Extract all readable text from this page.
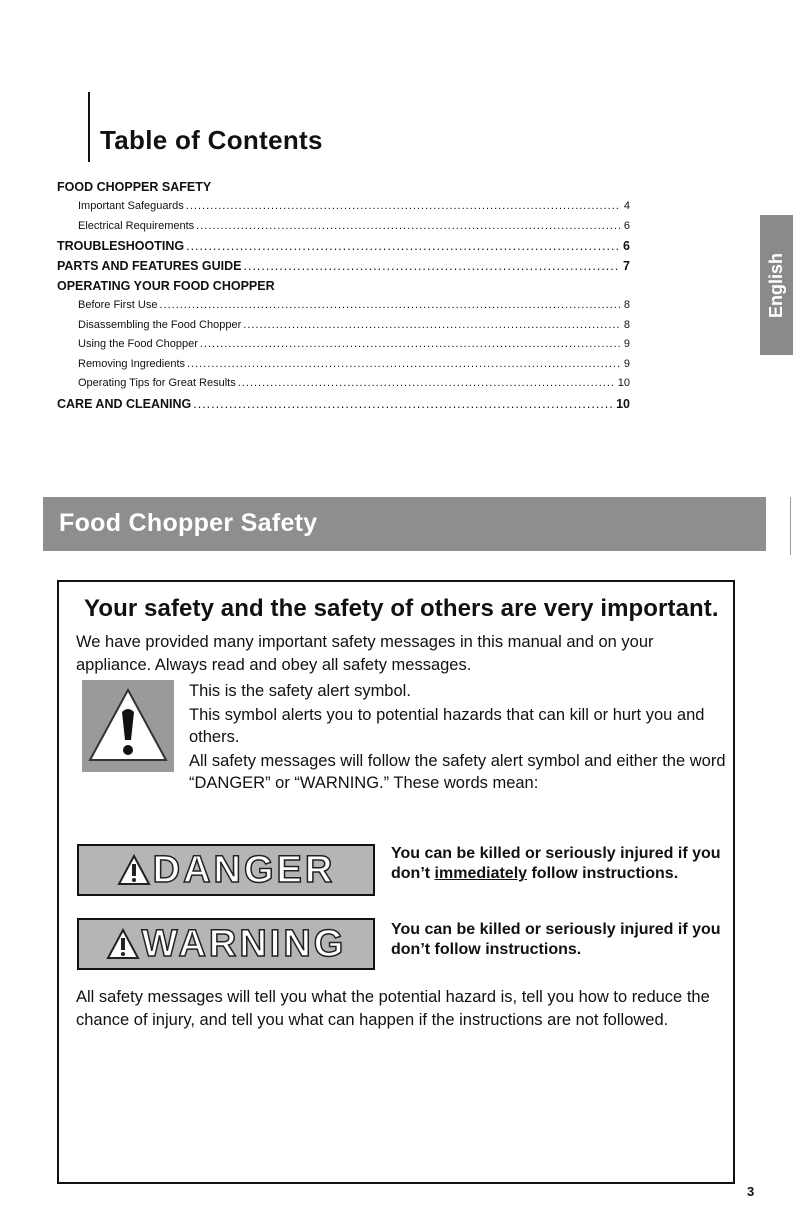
Table of Contents
FOOD CHOPPER SAFETY
Important Safeguards .....	4
Electrical Requirements .....	6
TROUBLESHOOTING .....	6
PARTS AND FEATURES GUIDE .....	7
OPERATING YOUR FOOD CHOPPER
Before First Use .....	8
Disassembling the Food Chopper .....	8
Using the Food Chopper .....	9
Removing Ingredients .....	9
Operating Tips for Great Results .....	10
CARE AND CLEANING .....	10
English
Food Chopper Safety
Your safety and the safety of others are very important.

We have provided many important safety messages in this manual and on your appliance. Always read and obey all safety messages.

This is the safety alert symbol.

This symbol alerts you to potential hazards that can kill or hurt you and others.

All safety messages will follow the safety alert symbol and either the word “DANGER” or “WARNING.” These words mean:

DANGER	You can be killed or seriously injured if you don’t immediately follow instructions.

WARNING	You can be killed or seriously injured if you don’t follow instructions.

All safety messages will tell you what the potential hazard is, tell you how to reduce the chance of injury, and tell you what can happen if the instructions are not followed.

3
